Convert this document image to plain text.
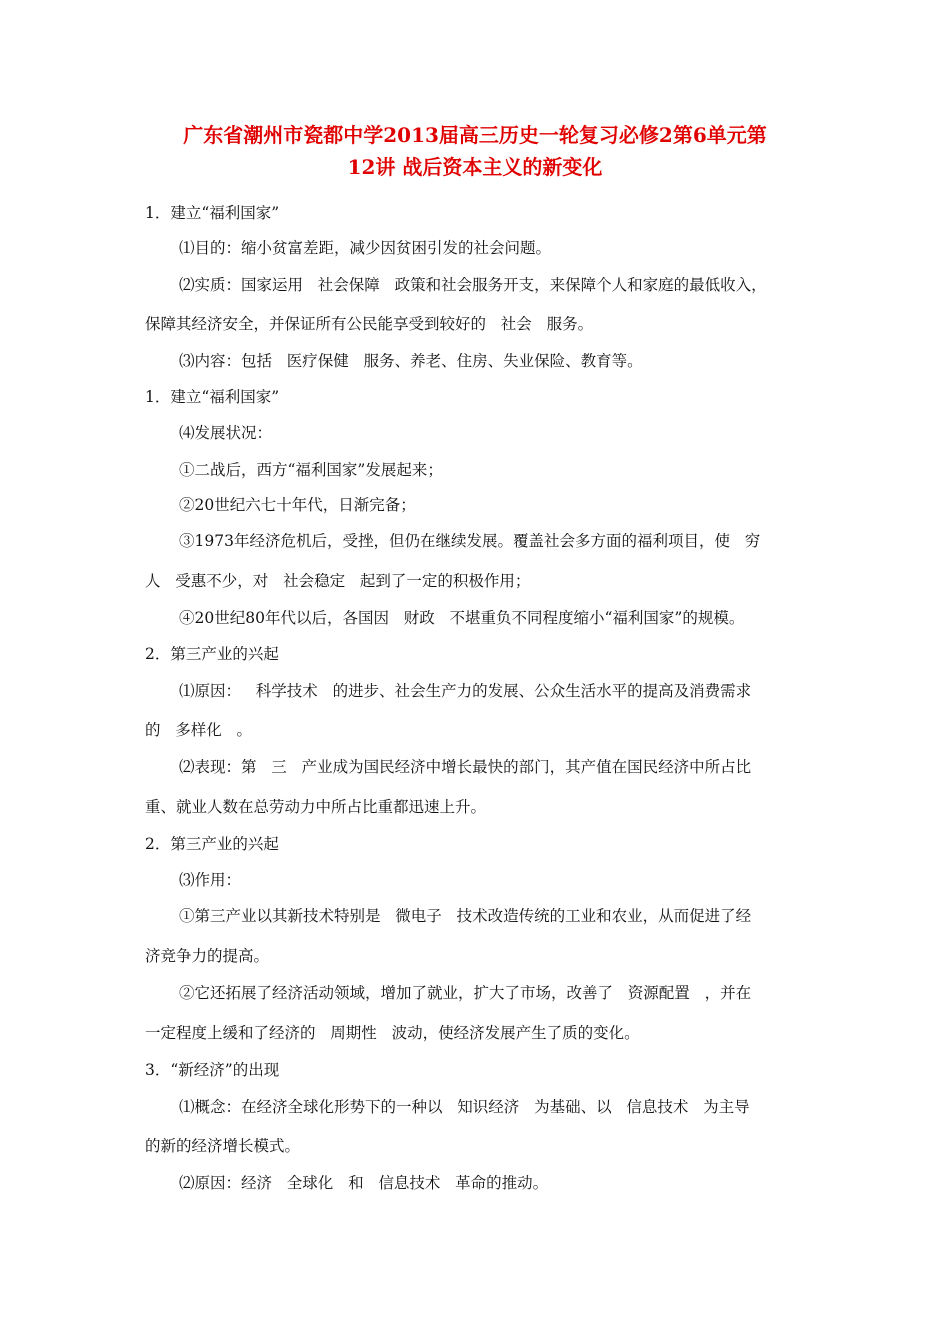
广东省潮州市瓷都中学2013届高三历史一轮复习必修2第6单元第
12讲 战后资本主义的新变化
1．建立“福利国家”
⑴目的：缩小贫富差距，减少因贫困引发的社会问题。
⑵实质：国家运用   社会保障   政策和社会服务开支，来保障个人和家庭的最低收入，
保障其经济安全，并保证所有公民能享受到较好的   社会   服务。
⑶内容：包括   医疗保健   服务、养老、住房、失业保险、教育等。
1．建立“福利国家”
⑷发展状况：
①二战后，西方“福利国家”发展起来；
②20世纪六七十年代，日渐完备；
③1973年经济危机后，受挫，但仍在继续发展。覆盖社会多方面的福利项目，使   穷
人   受惠不少，对   社会稳定   起到了一定的积极作用；
④20世纪80年代以后，各国因   财政   不堪重负不同程度缩小“福利国家”的规模。
2．第三产业的兴起
⑴原因：   科学技术   的进步、社会生产力的发展、公众生活水平的提高及消费需求
的   多样化   。
⑵表现：第   三   产业成为国民经济中增长最快的部门，其产值在国民经济中所占比
重、就业人数在总劳动力中所占比重都迅速上升。
2．第三产业的兴起
⑶作用：
①第三产业以其新技术特别是   微电子   技术改造传统的工业和农业，从而促进了经
济竞争力的提高。
②它还拓展了经济活动领域，增加了就业，扩大了市场，改善了   资源配置   ，并在
一定程度上缓和了经济的   周期性   波动，使经济发展产生了质的变化。
3．“新经济”的出现
⑴概念：在经济全球化形势下的一种以   知识经济   为基础、以   信息技术   为主导
的新的经济增长模式。
⑵原因：经济   全球化   和   信息技术   革命的推动。
